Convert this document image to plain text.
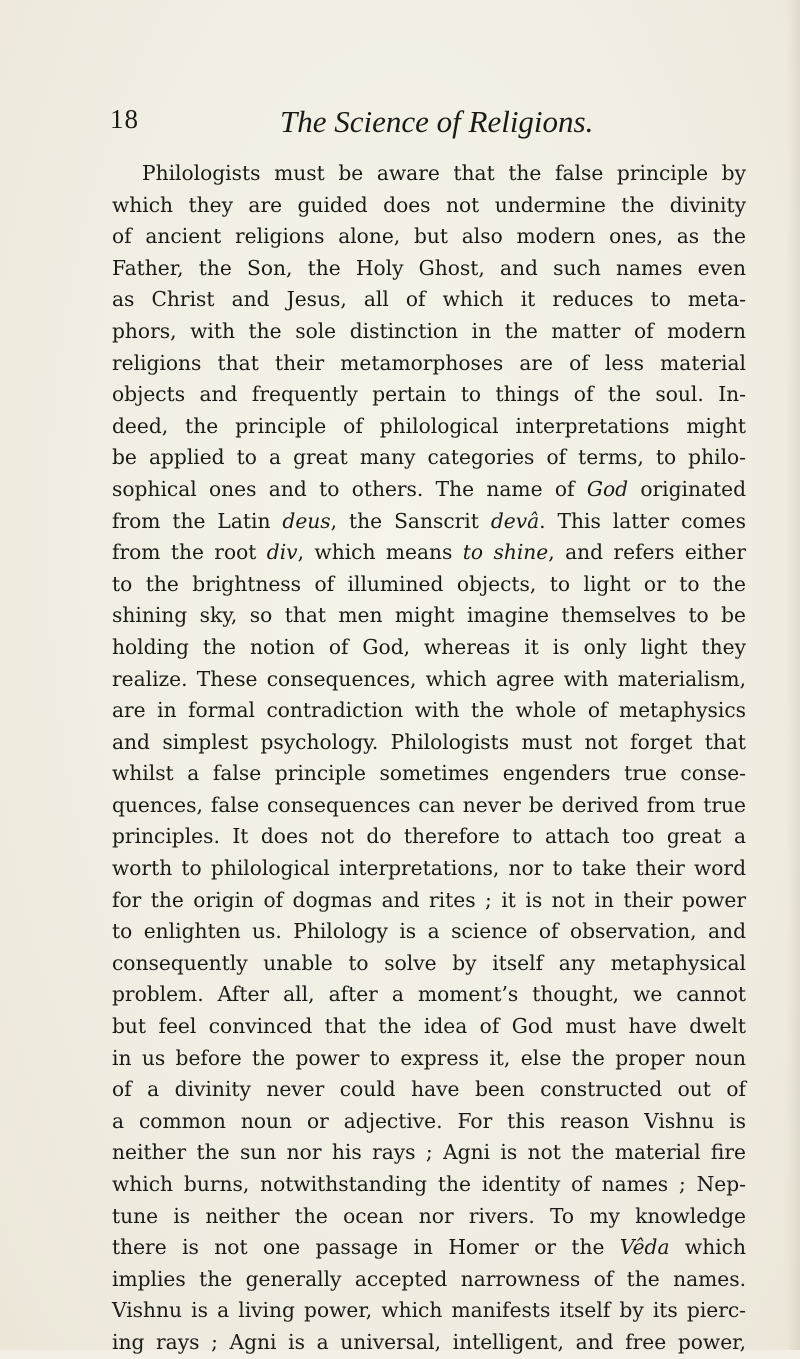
18	The Science of Religions.
Philologists must be aware that the false principle by
which they are guided does not undermine the divinity
of ancient religions alone, but also modern ones, as the
Father, the Son, the Holy Ghost, and such names even
as Christ and Jesus, all of which it reduces to meta-
phors, with the sole distinction in the matter of modern
religions that their metamorphoses are of less material
objects and frequently pertain to things of the soul. In-
deed, the principle of philological interpretations might
be applied to a great many categories of terms, to philo-
sophical ones and to others. The name of God originated
from the Latin deus, the Sanscrit devâ. This latter comes
from the root div, which means to shine, and refers either
to the brightness of illumined objects, to light or to the
shining sky, so that men might imagine themselves to be
holding the notion of God, whereas it is only light they
realize. These consequences, which agree with materialism,
are in formal contradiction with the whole of metaphysics
and simplest psychology. Philologists must not forget that
whilst a false principle sometimes engenders true conse-
quences, false consequences can never be derived from true
principles. It does not do therefore to attach too great a
worth to philological interpretations, nor to take their word
for the origin of dogmas and rites ; it is not in their power
to enlighten us. Philology is a science of observation, and
consequently unable to solve by itself any metaphysical
problem. After all, after a moment’s thought, we cannot
but feel convinced that the idea of God must have dwelt
in us before the power to express it, else the proper noun
of a divinity never could have been constructed out of
a common noun or adjective. For this reason Vishnu is
neither the sun nor his rays ; Agni is not the material fire
which burns, notwithstanding the identity of names ; Nep-
tune is neither the ocean nor rivers. To my knowledge
there is not one passage in Homer or the Vêda which
implies the generally accepted narrowness of the names.
Vishnu is a living power, which manifests itself by its pierc-
ing rays ; Agni is a universal, intelligent, and free power,
